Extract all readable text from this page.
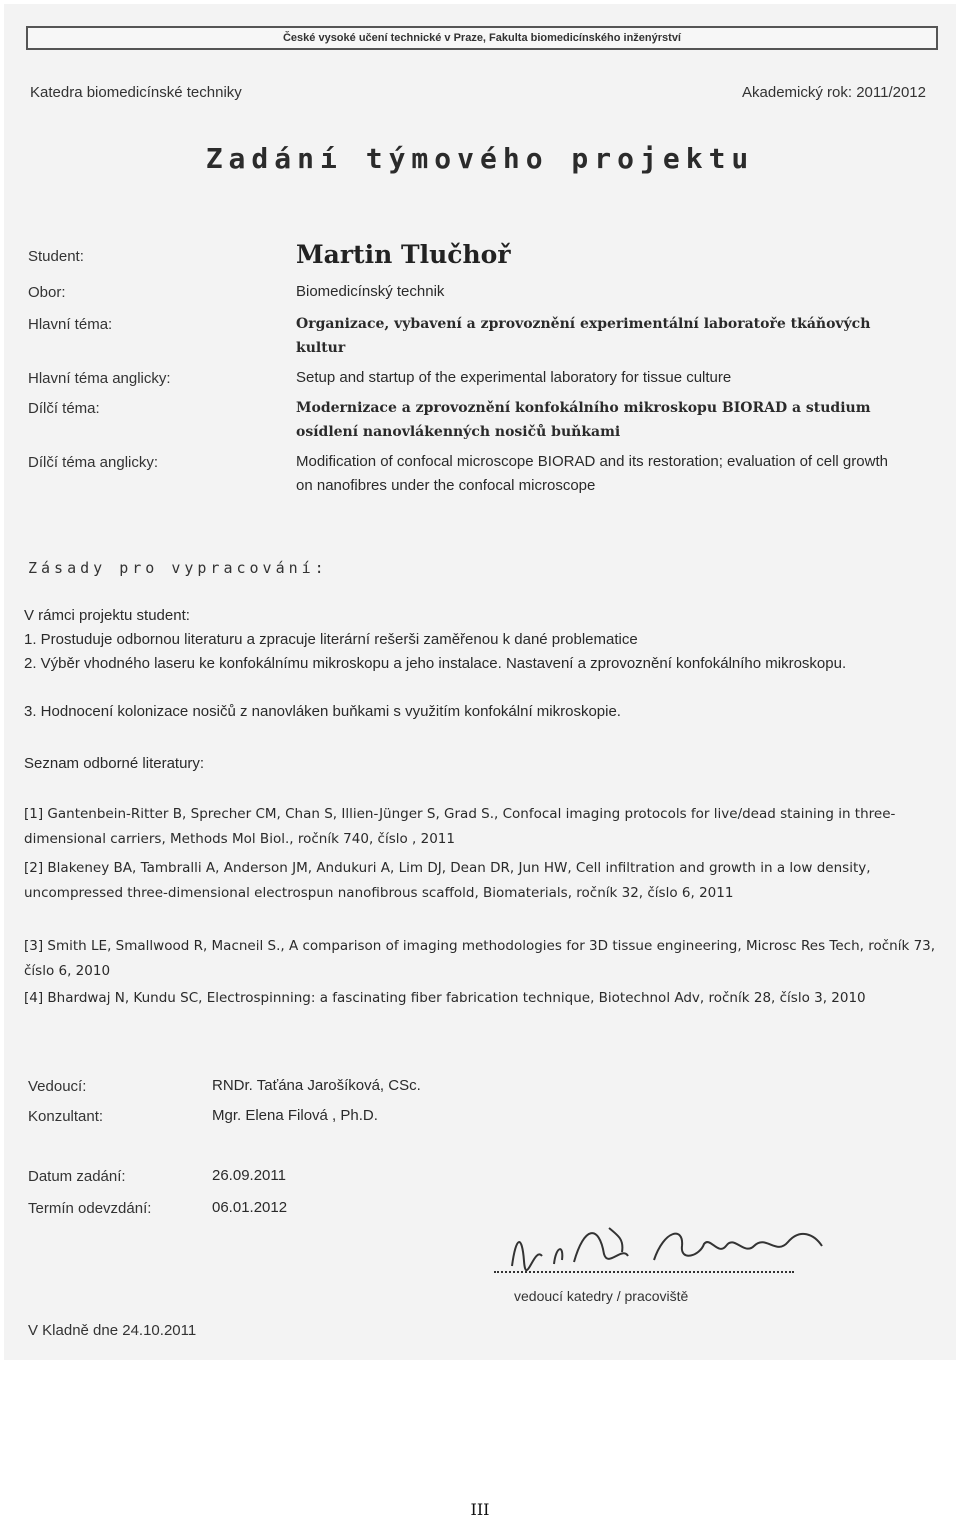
České vysoké učení technické v Praze, Fakulta biomedicínského inženýrství
Katedra biomedicínské techniky	Akademický rok: 2011/2012
Zadání týmového projektu
Student:	Martin Tlučhoř
Obor:	Biomedicínský technik
Hlavní téma:	Organizace, vybavení a zprovoznění experimentální laboratoře tkáňových kultur
Hlavní téma anglicky:	Setup and startup of the experimental laboratory for tissue culture
Dílčí téma:	Modernizace a zprovoznění konfokálního mikroskopu BIORAD a studium osídlení nanovlákenných nosičů buňkami
Dílčí téma anglicky:	Modification of confocal microscope BIORAD and its restoration; evaluation of cell growth on nanofibres under the confocal microscope
Zásady pro vypracování:
V rámci projektu student:
1. Prostuduje odbornou literaturu a zpracuje literární rešerši zaměřenou k dané problematice
2. Výběr vhodného laseru ke konfokálnímu mikroskopu a jeho instalace. Nastavení a zprovoznění konfokálního mikroskopu.
3. Hodnocení kolonizace nosičů z nanovláken buňkami s využitím konfokální mikroskopie.
Seznam odborné literatury:
[1] Gantenbein-Ritter B, Sprecher CM, Chan S, Illien-Jünger S, Grad S., Confocal imaging protocols for live/dead staining in three-dimensional carriers, Methods Mol Biol., ročník 740, číslo , 2011
[2] Blakeney BA, Tambralli A, Anderson JM, Andukuri A, Lim DJ, Dean DR, Jun HW, Cell infiltration and growth in a low density, uncompressed three-dimensional electrospun nanofibrous scaffold, Biomaterials, ročník 32, číslo 6, 2011
[3] Smith LE, Smallwood R, Macneil S., A comparison of imaging methodologies for 3D tissue engineering, Microsc Res Tech, ročník 73, číslo 6, 2010
[4] Bhardwaj N, Kundu SC, Electrospinning: a fascinating fiber fabrication technique, Biotechnol Adv, ročník 28, číslo 3, 2010
Vedoucí:	RNDr. Taťána Jarošíková, CSc.
Konzultant:	Mgr. Elena Filová , Ph.D.
Datum zadání:	26.09.2011
Termín odevzdání:	06.01.2012
vedoucí katedry / pracoviště
V Kladně dne 24.10.2011
III
